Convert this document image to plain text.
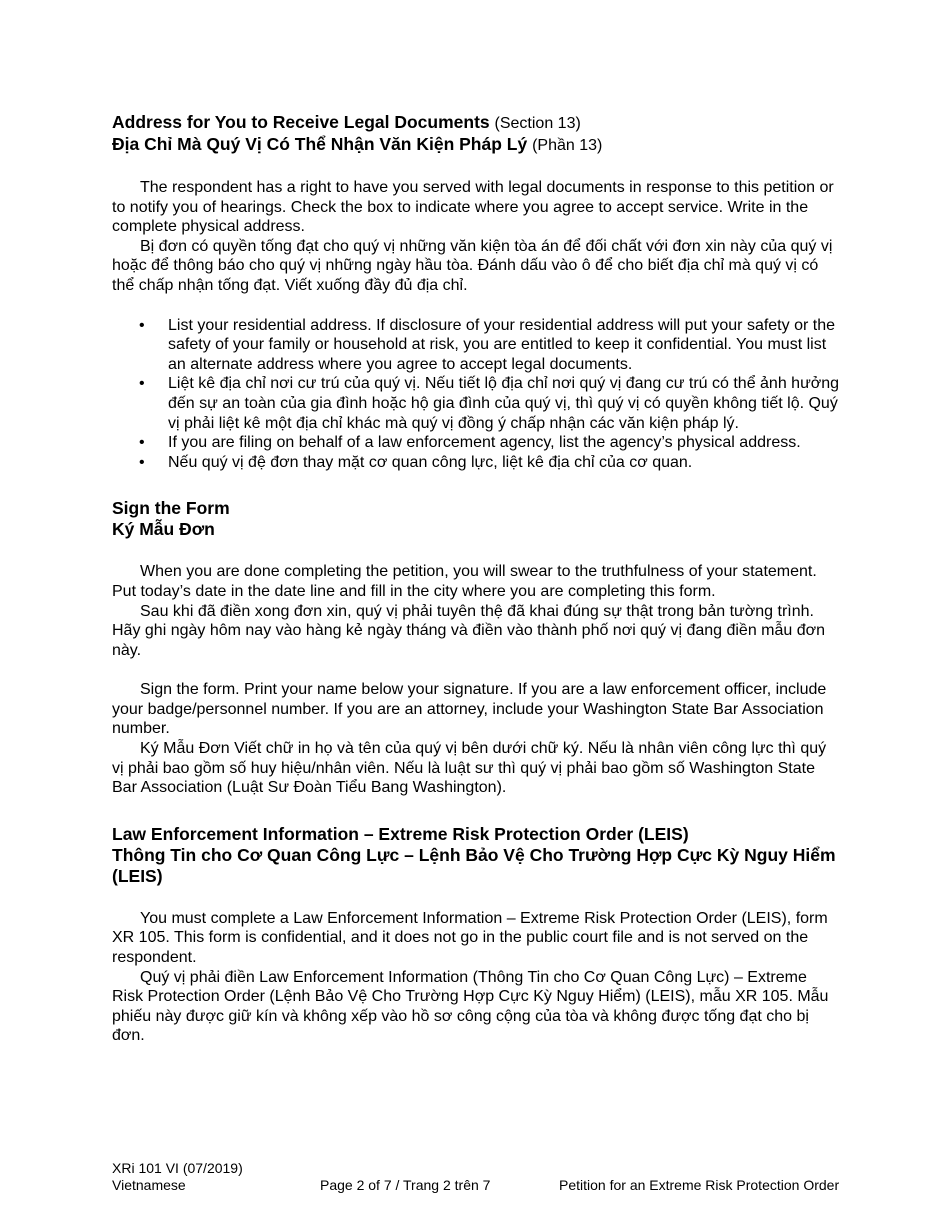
Address for You to Receive Legal Documents (Section 13)
Địa Chỉ Mà Quý Vị Có Thể Nhận Văn Kiện Pháp Lý (Phần 13)

The respondent has a right to have you served with legal documents in response to this petition or to notify you of hearings. Check the box to indicate where you agree to accept service. Write in the complete physical address.

Bị đơn có quyền tống đạt cho quý vị những văn kiện tòa án để đối chất với đơn xin này của quý vị hoặc để thông báo cho quý vị những ngày hầu tòa. Đánh dấu vào ô để cho biết địa chỉ mà quý vị có thể chấp nhận tống đạt. Viết xuống đầy đủ địa chỉ.

• List your residential address. If disclosure of your residential address will put your safety or the safety of your family or household at risk, you are entitled to keep it confidential. You must list an alternate address where you agree to accept legal documents.
• Liệt kê địa chỉ nơi cư trú của quý vị. Nếu tiết lộ địa chỉ nơi quý vị đang cư trú có thể ảnh hưởng đến sự an toàn của gia đình hoặc hộ gia đình của quý vị, thì quý vị có quyền không tiết lộ. Quý vị phải liệt kê một địa chỉ khác mà quý vị đồng ý chấp nhận các văn kiện pháp lý.
• If you are filing on behalf of a law enforcement agency, list the agency’s physical address.
• Nếu quý vị đệ đơn thay mặt cơ quan công lực, liệt kê địa chỉ của cơ quan.
Sign the Form
Ký Mẫu Đơn

When you are done completing the petition, you will swear to the truthfulness of your statement. Put today’s date in the date line and fill in the city where you are completing this form.

Sau khi đã điền xong đơn xin, quý vị phải tuyên thệ đã khai đúng sự thật trong bản tường trình. Hãy ghi ngày hôm nay vào hàng kẻ ngày tháng và điền vào thành phố nơi quý vị đang điền mẫu đơn này.

Sign the form. Print your name below your signature. If you are a law enforcement officer, include your badge/personnel number. If you are an attorney, include your Washington State Bar Association number.

Ký Mẫu Đơn Viết chữ in họ và tên của quý vị bên dưới chữ ký. Nếu là nhân viên công lực thì quý vị phải bao gồm số huy hiệu/nhân viên. Nếu là luật sư thì quý vị phải bao gồm số Washington State Bar Association (Luật Sư Đoàn Tiểu Bang Washington).

Law Enforcement Information – Extreme Risk Protection Order (LEIS)
Thông Tin cho Cơ Quan Công Lực – Lệnh Bảo Vệ Cho Trường Hợp Cực Kỳ Nguy Hiểm (LEIS)

You must complete a Law Enforcement Information – Extreme Risk Protection Order (LEIS), form XR 105. This form is confidential, and it does not go in the public court file and is not served on the respondent.

Quý vị phải điền Law Enforcement Information (Thông Tin cho Cơ Quan Công Lực) – Extreme Risk Protection Order (Lệnh Bảo Vệ Cho Trường Hợp Cực Kỳ Nguy Hiểm) (LEIS), mẫu XR 105. Mẫu phiếu này được giữ kín và không xếp vào hồ sơ công cộng của tòa và không được tống đạt cho bị đơn.

XRi 101 VI (07/2019)
Vietnamese	Page 2 of 7 / Trang 2 trên 7	Petition for an Extreme Risk Protection Order
